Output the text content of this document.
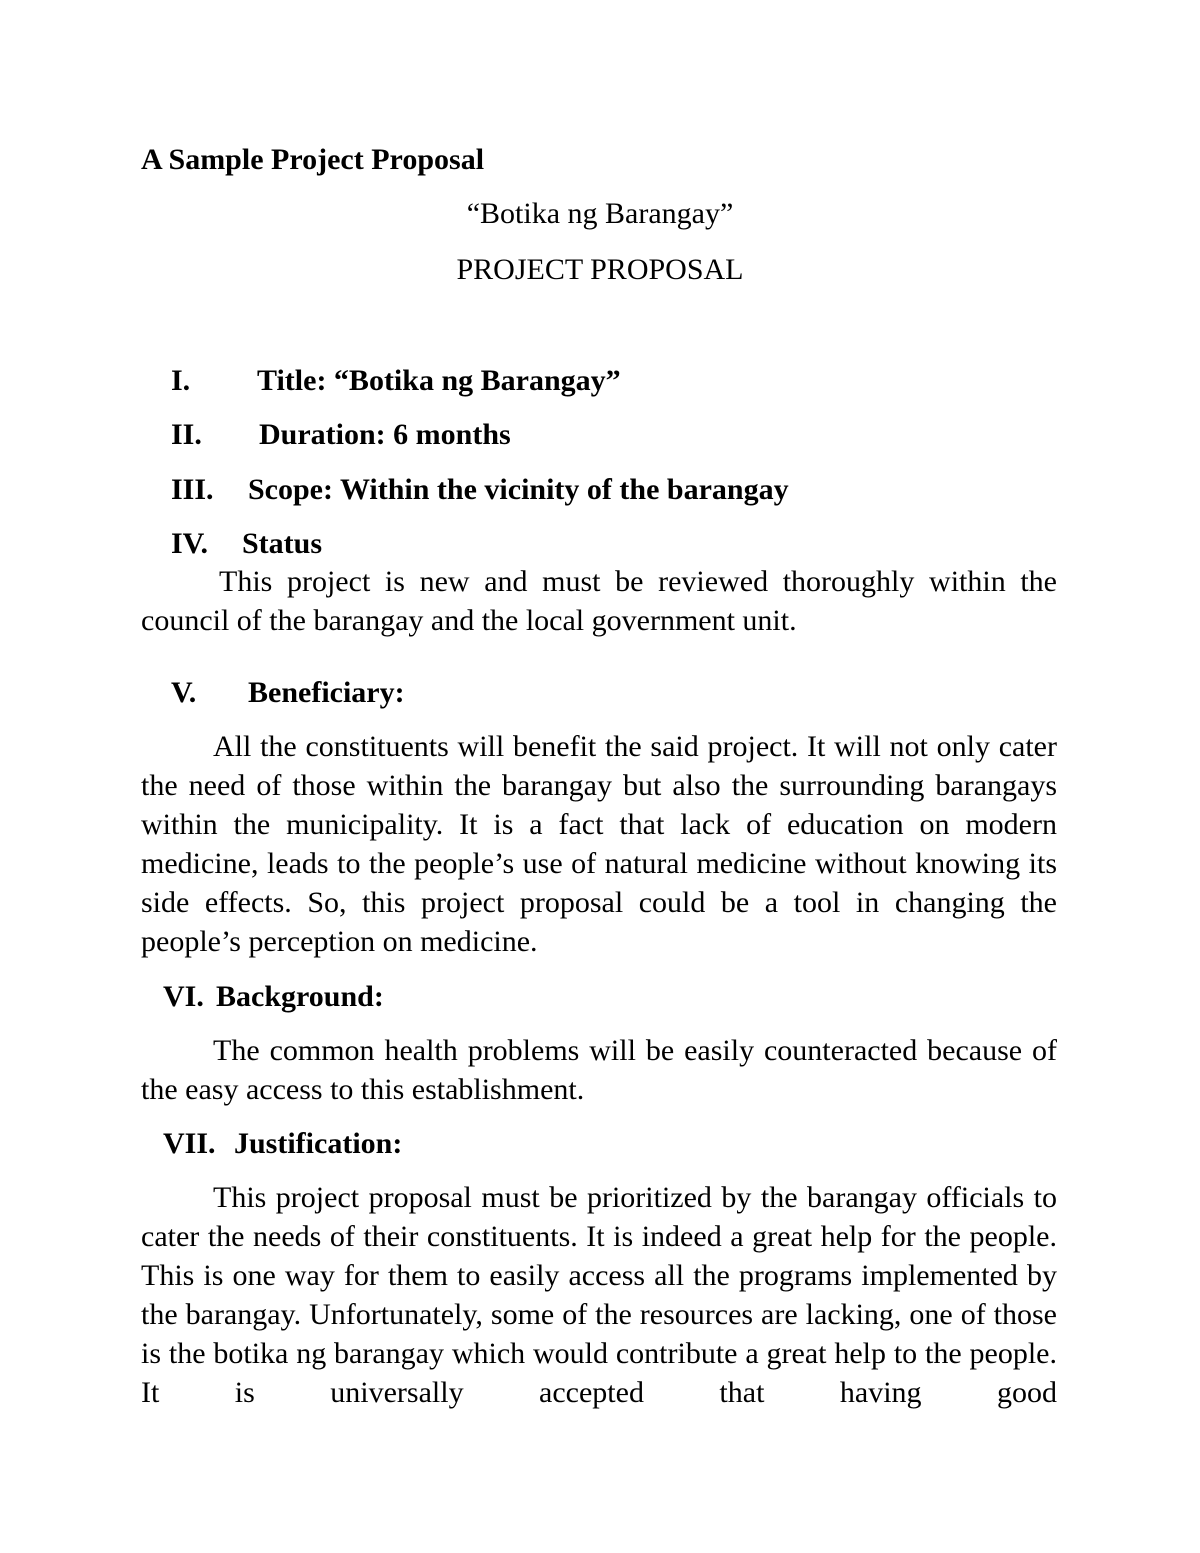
A Sample Project Proposal
“Botika ng Barangay”
PROJECT PROPOSAL
I. Title: “Botika ng Barangay”
II. Duration: 6 months
III. Scope: Within the vicinity of the barangay
IV. Status

This project is new and must be reviewed thoroughly within the council of the barangay and the local government unit.

V. Beneficiary:

All the constituents will benefit the said project. It will not only cater the need of those within the barangay but also the surrounding barangays within the municipality. It is a fact that lack of education on modern medicine, leads to the people’s use of natural medicine without knowing its side effects. So, this project proposal could be a tool in changing the people’s perception on medicine.

VI. Background:

The common health problems will be easily counteracted because of the easy access to this establishment.

VII. Justification:

This project proposal must be prioritized by the barangay officials to cater the needs of their constituents. It is indeed a great help for the people. This is one way for them to easily access all the programs implemented by the barangay. Unfortunately, some of the resources are lacking, one of those is the botika ng barangay which would contribute a great help to the people. It is universally accepted that having good
